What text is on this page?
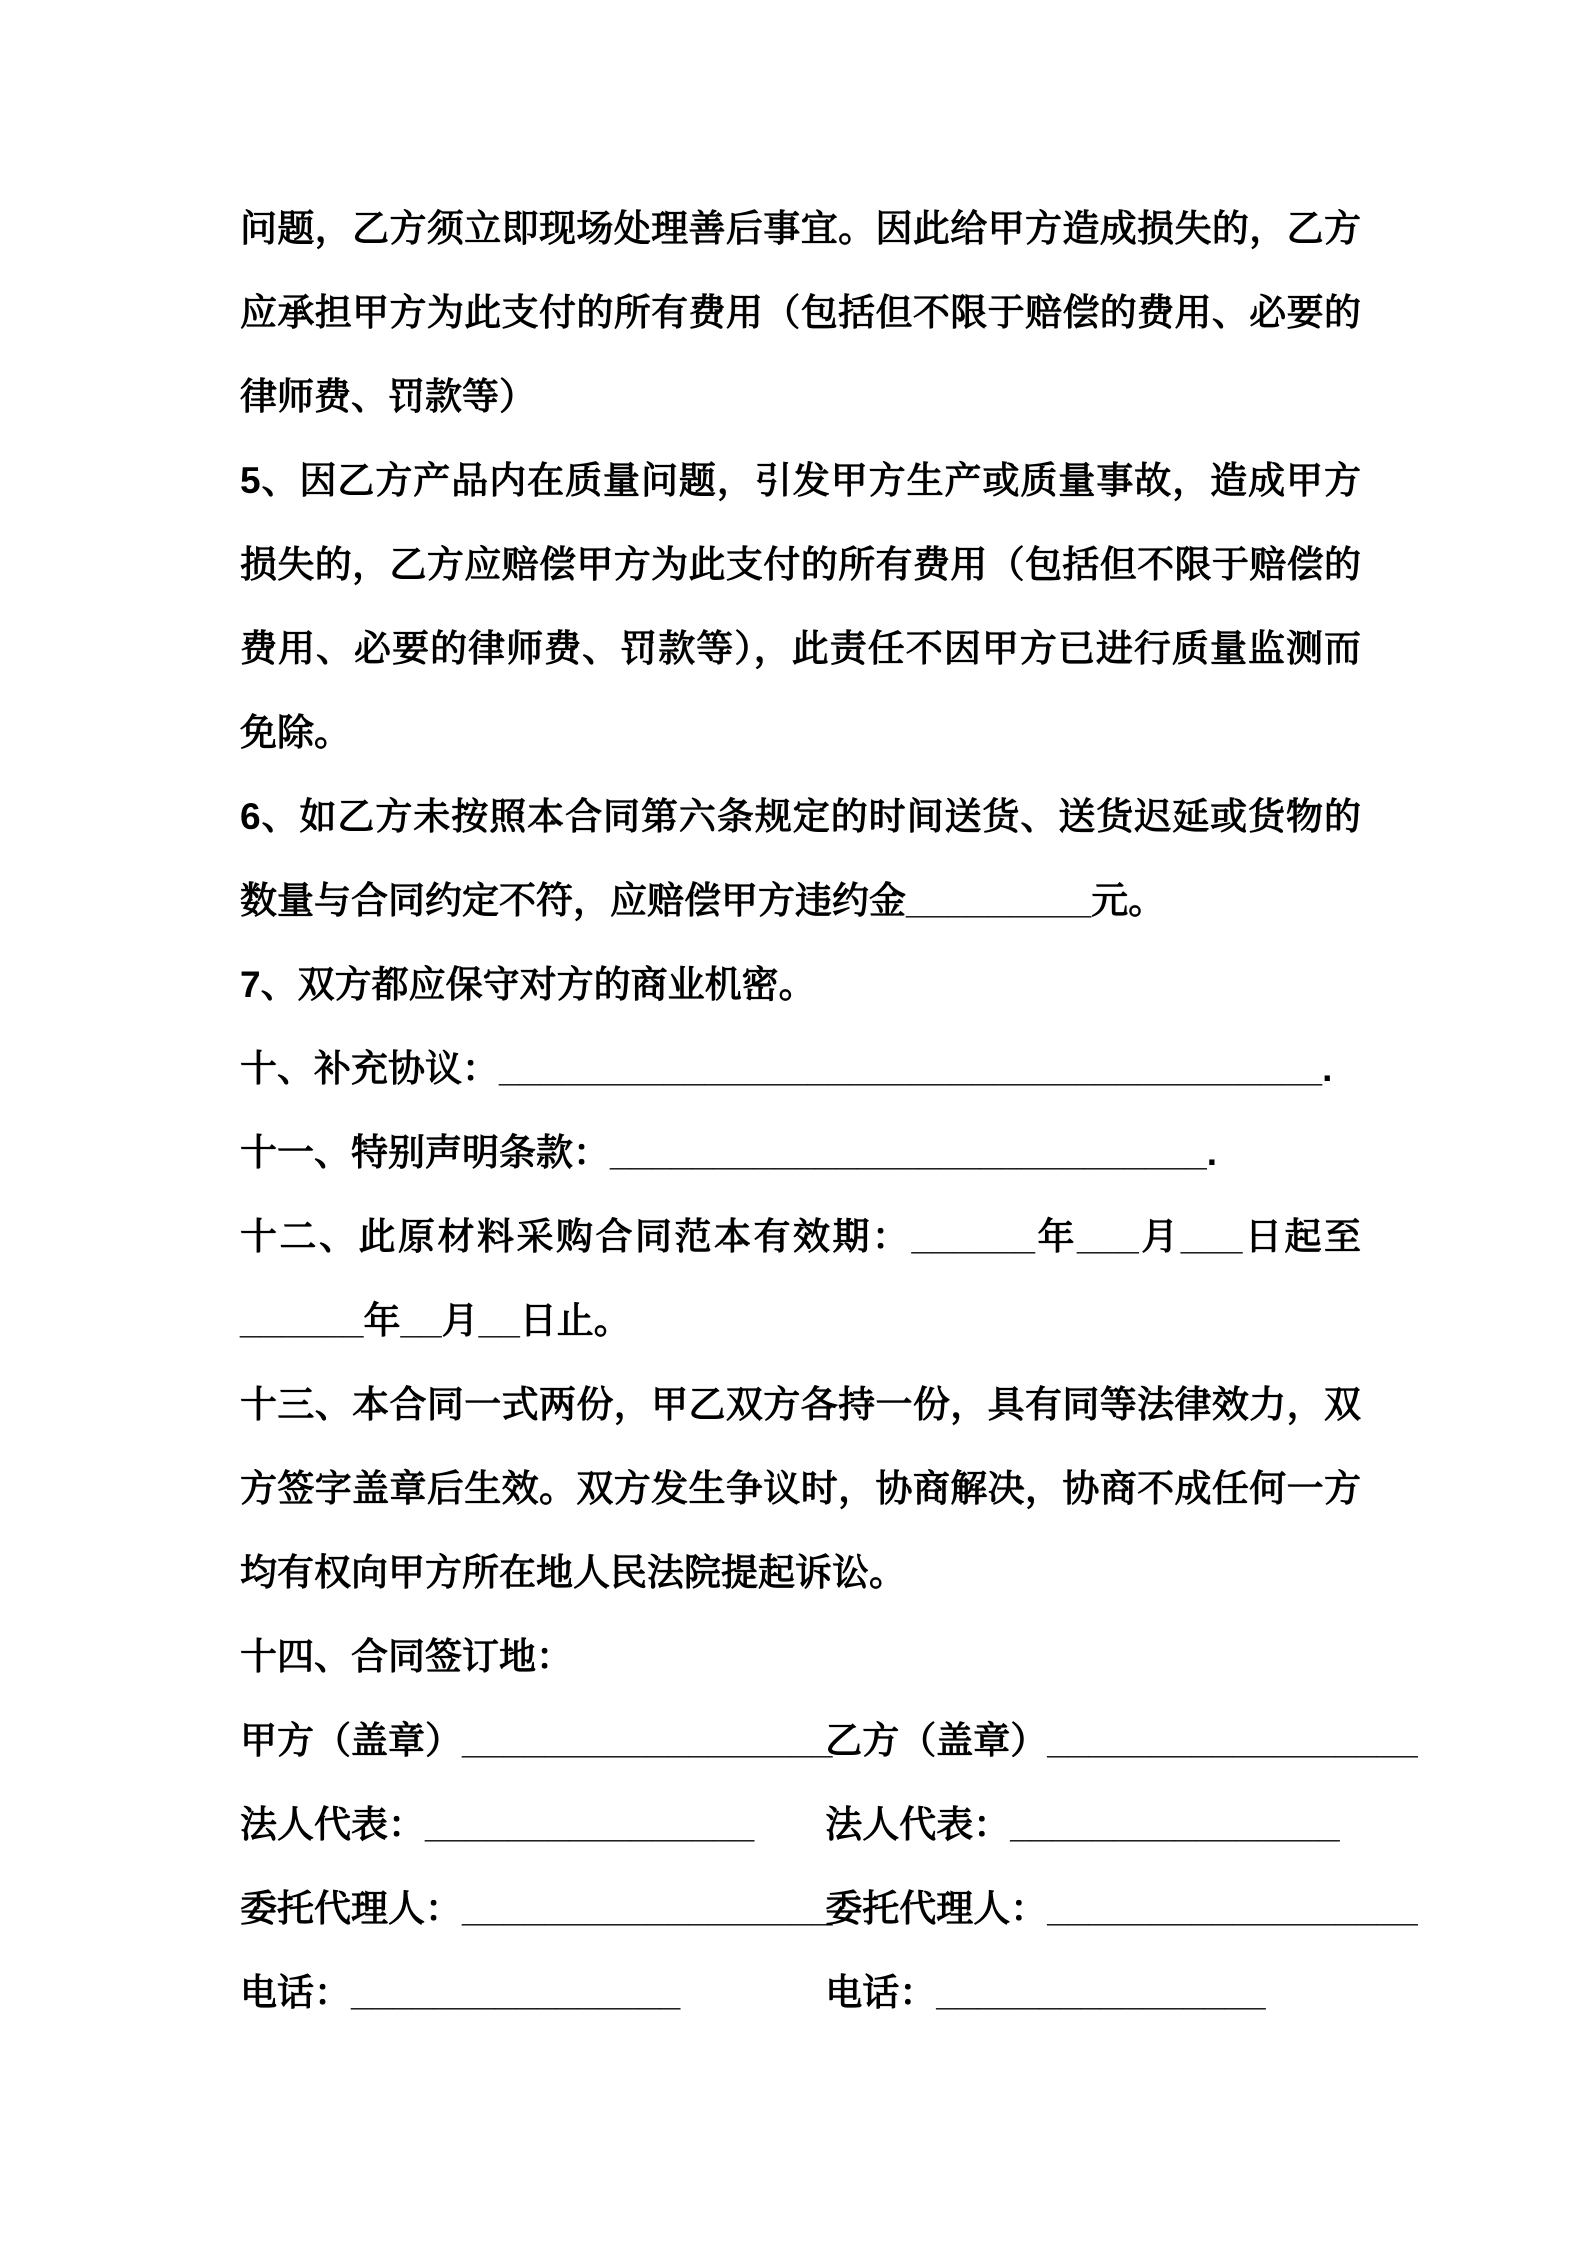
问题，乙方须立即现场处理善后事宜。因此给甲方造成损失的，乙方
应承担甲方为此支付的所有费用（包括但不限于赔偿的费用、必要的
律师费、罚款等）
5、因乙方产品内在质量问题，引发甲方生产或质量事故，造成甲方
损失的，乙方应赔偿甲方为此支付的所有费用（包括但不限于赔偿的
费用、必要的律师费、罚款等），此责任不因甲方已进行质量监测而
免除。
6、如乙方未按照本合同第六条规定的时间送货、送货迟延或货物的
数量与合同约定不符，应赔偿甲方违约金_________元。
7、双方都应保守对方的商业机密。
十、补充协议：________________________________________.
十一、特别声明条款：_____________________________.
十二、此原材料采购合同范本有效期：______年___月___日起至
______年__月__日止。
十三、本合同一式两份，甲乙双方各持一份，具有同等法律效力，双
方签字盖章后生效。双方发生争议时，协商解决，协商不成任何一方
均有权向甲方所在地人民法院提起诉讼。
十四、合同签订地：
甲方（盖章）__________________ 乙方（盖章）__________________
法人代表：________________ 法人代表：________________
委托代理人：__________________ 委托代理人：__________________
电话：________________	电话：________________
